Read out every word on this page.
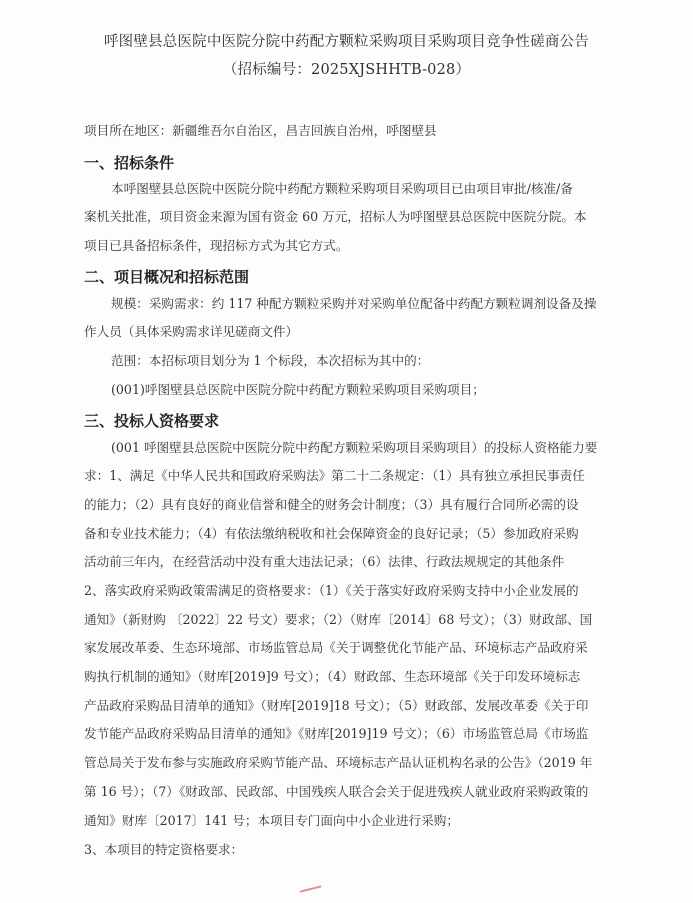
呼图壁县总医院中医院分院中药配方颗粒采购项目采购项目竞争性磋商公告
（招标编号：2025XJSHHTB-028）
项目所在地区：新疆维吾尔自治区，昌吉回族自治州，呼图壁县
一、招标条件
本呼图壁县总医院中医院分院中药配方颗粒采购项目采购项目已由项目审批/核准/备
案机关批准，项目资金来源为国有资金 60 万元，招标人为呼图壁县总医院中医院分院。本
项目已具备招标条件，现招标方式为其它方式。
二、项目概况和招标范围
规模：采购需求：约 117 种配方颗粒采购并对采购单位配备中药配方颗粒调剂设备及操
作人员（具体采购需求详见磋商文件）
范围：本招标项目划分为 1 个标段，本次招标为其中的：
(001)呼图壁县总医院中医院分院中药配方颗粒采购项目采购项目；
三、投标人资格要求
(001 呼图壁县总医院中医院分院中药配方颗粒采购项目采购项目）的投标人资格能力要
求：1、满足《中华人民共和国政府采购法》第二十二条规定：（1）具有独立承担民事责任
的能力；（2）具有良好的商业信誉和健全的财务会计制度；（3）具有履行合同所必需的设
备和专业技术能力；（4）有依法缴纳税收和社会保障资金的良好记录；（5）参加政府采购
活动前三年内，在经营活动中没有重大违法记录；（6）法律、行政法规规定的其他条件
2、落实政府采购政策需满足的资格要求：（1）《关于落实好政府采购支持中小企业发展的
通知》（新财购 〔2022〕22 号文）要求；（2）（财库〔2014〕68 号文）；（3）财政部、国
家发展改革委、生态环境部、市场监管总局《关于调整优化节能产品、环境标志产品政府采
购执行机制的通知》（财库[2019]9 号文）；（4）财政部、生态环境部《关于印发环境标志
产品政府采购品目清单的通知》（财库[2019]18 号文）；（5）财政部、发展改革委《关于印
发节能产品政府采购品目清单的通知》《财库[2019]19 号文）；（6）市场监管总局《市场监
管总局关于发布参与实施政府采购节能产品、环境标志产品认证机构名录的公告》（2019 年
第 16 号）；（7）《财政部、民政部、中国残疾人联合会关于促进残疾人就业政府采购政策的
通知》财库〔2017〕141 号；本项目专门面向中小企业进行采购；
3、本项目的特定资格要求：
